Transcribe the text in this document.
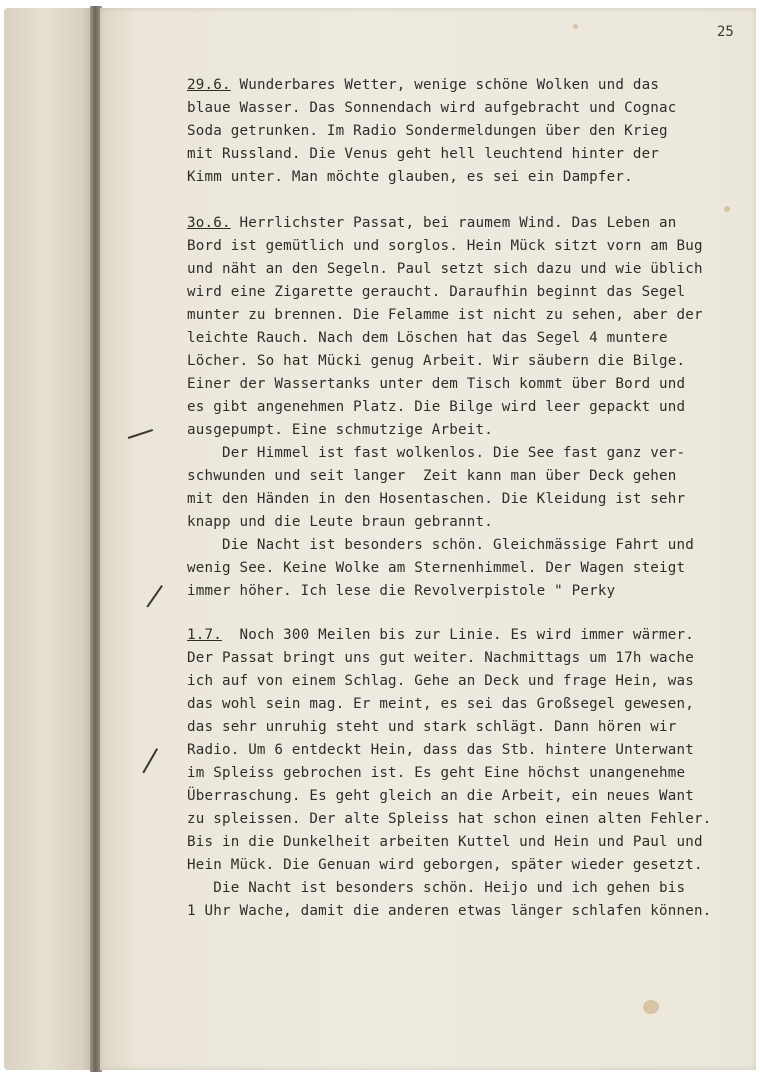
25
29.6. Wunderbares Wetter, wenige schöne Wolken und das
blaue Wasser. Das Sonnendach wird aufgebracht und Cognac
Soda getrunken. Im Radio Sondermeldungen über den Krieg
mit Russland. Die Venus geht hell leuchtend hinter der
Kimm unter. Man möchte glauben, es sei ein Dampfer.
3o.6. Herrlichster Passat, bei raumem Wind. Das Leben an
Bord ist gemütlich und sorglos. Hein Mück sitzt vorn am Bug
und näht an den Segeln. Paul setzt sich dazu und wie üblich
wird eine Zigarette geraucht. Daraufhin beginnt das Segel
munter zu brennen. Die Felamme ist nicht zu sehen, aber der
leichte Rauch. Nach dem Löschen hat das Segel 4 muntere
Löcher. So hat Mücki genug Arbeit. Wir säubern die Bilge.
Einer der Wassertanks unter dem Tisch kommt über Bord und
es gibt angenehmen Platz. Die Bilge wird leer gepackt und
ausgepumpt. Eine schmutzige Arbeit.
Der Himmel ist fast wolkenlos. Die See fast ganz ver-
schwunden und seit langer  Zeit kann man über Deck gehen
mit den Händen in den Hosentaschen. Die Kleidung ist sehr
knapp und die Leute braun gebrannt.
Die Nacht ist besonders schön. Gleichmässige Fahrt und
wenig See. Keine Wolke am Sternenhimmel. Der Wagen steigt
immer höher. Ich lese die Revolverpistole " Perky
1.7.  Noch 300 Meilen bis zur Linie. Es wird immer wärmer.
Der Passat bringt uns gut weiter. Nachmittags um 17h wache
ich auf von einem Schlag. Gehe an Deck und frage Hein, was
das wohl sein mag. Er meint, es sei das Großsegel gewesen,
das sehr unruhig steht und stark schlägt. Dann hören wir
Radio. Um 6 entdeckt Hein, dass das Stb. hintere Unterwant
im Spleiss gebrochen ist. Es geht Eine höchst unangenehme
Überraschung. Es geht gleich an die Arbeit, ein neues Want
zu spleissen. Der alte Spleiss hat schon einen alten Fehler.
Bis in die Dunkelheit arbeiten Kuttel und Hein und Paul und
Hein Mück. Die Genuan wird geborgen, später wieder gesetzt.
Die Nacht ist besonders schön. Heijo und ich gehen bis
1 Uhr Wache, damit die anderen etwas länger schlafen können.
